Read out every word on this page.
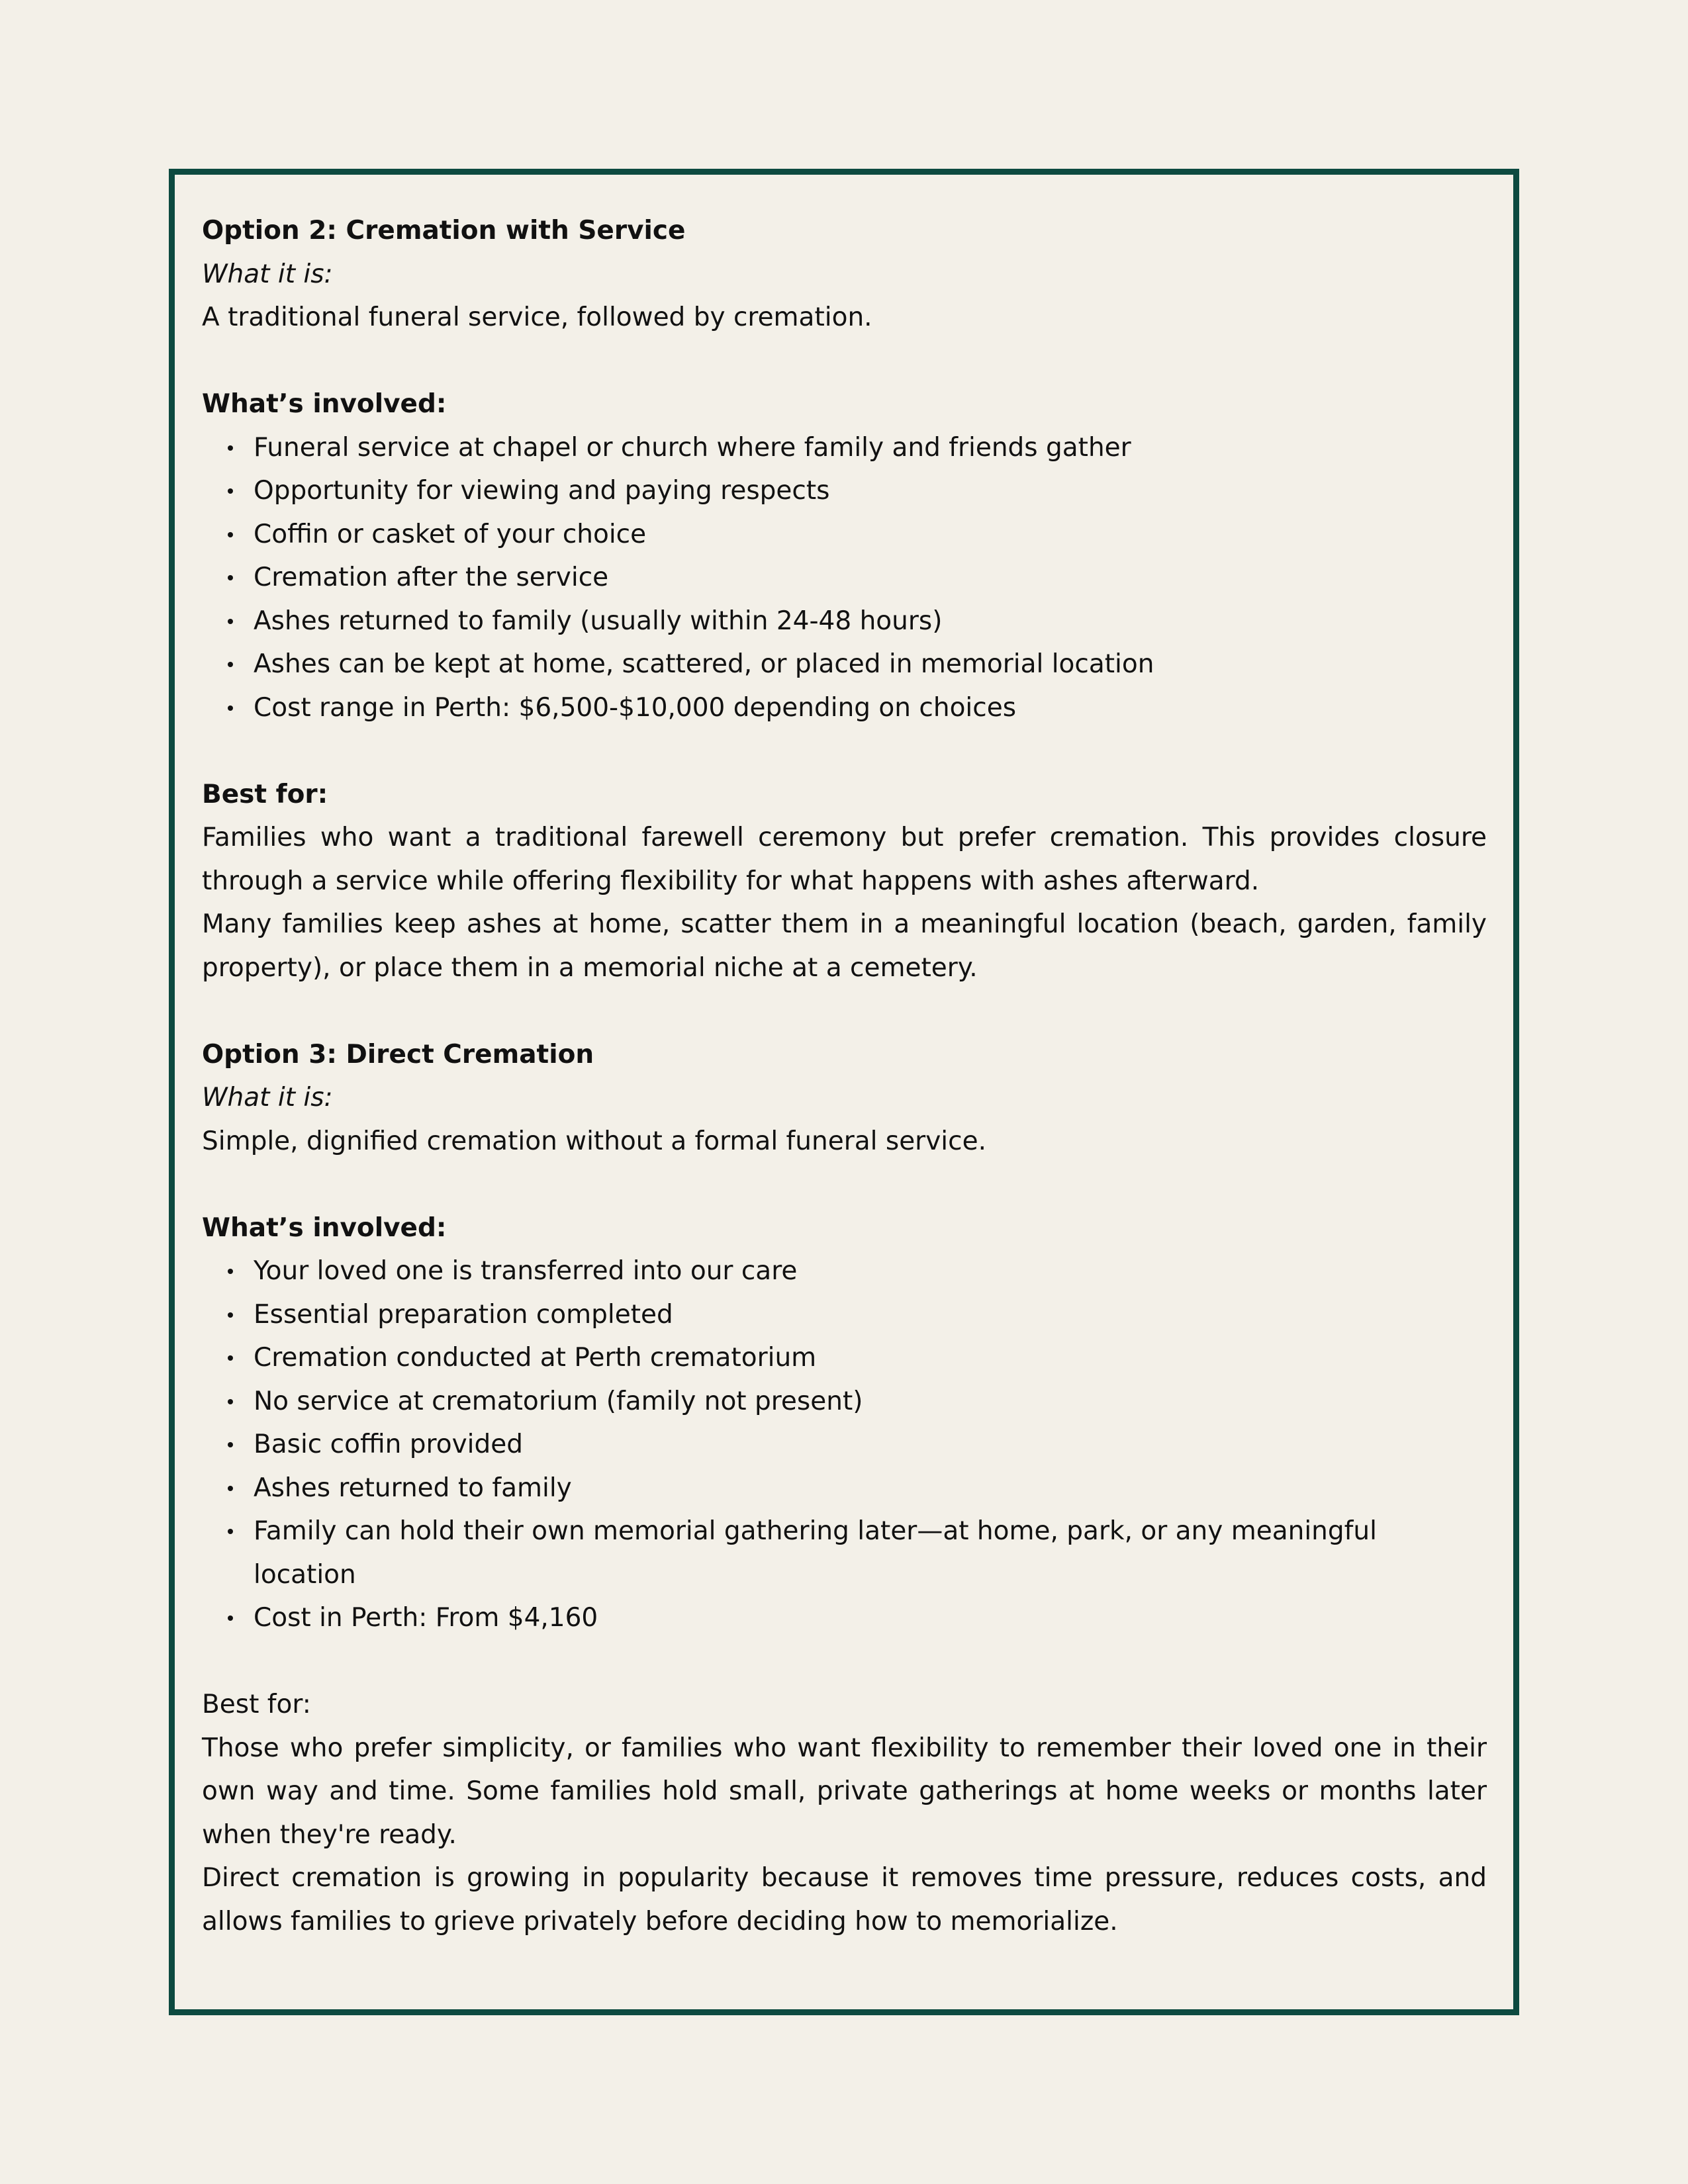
Option 2: Cremation with Service

What it is:

A traditional funeral service, followed by cremation.

What’s involved:

Funeral service at chapel or church where family and friends gather
Opportunity for viewing and paying respects
Coffin or casket of your choice
Cremation after the service
Ashes returned to family (usually within 24-48 hours)
Ashes can be kept at home, scattered, or placed in memorial location
Cost range in Perth: $6,500-$10,000 depending on choices

Best for:

Families who want a traditional farewell ceremony but prefer cremation. This provides closure through a service while offering flexibility for what happens with ashes afterward.

Many families keep ashes at home, scatter them in a meaningful location (beach, garden, family property), or place them in a memorial niche at a cemetery.

Option 3: Direct Cremation

What it is:

Simple, dignified cremation without a formal funeral service.

What’s involved:

Your loved one is transferred into our care
Essential preparation completed
Cremation conducted at Perth crematorium
No service at crematorium (family not present)
Basic coffin provided
Ashes returned to family
Family can hold their own memorial gathering later—at home, park, or any meaningful location
Cost in Perth: From $4,160

Best for:

Those who prefer simplicity, or families who want flexibility to remember their loved one in their own way and time. Some families hold small, private gatherings at home weeks or months later when they're ready.

Direct cremation is growing in popularity because it removes time pressure, reduces costs, and allows families to grieve privately before deciding how to memorialize.
